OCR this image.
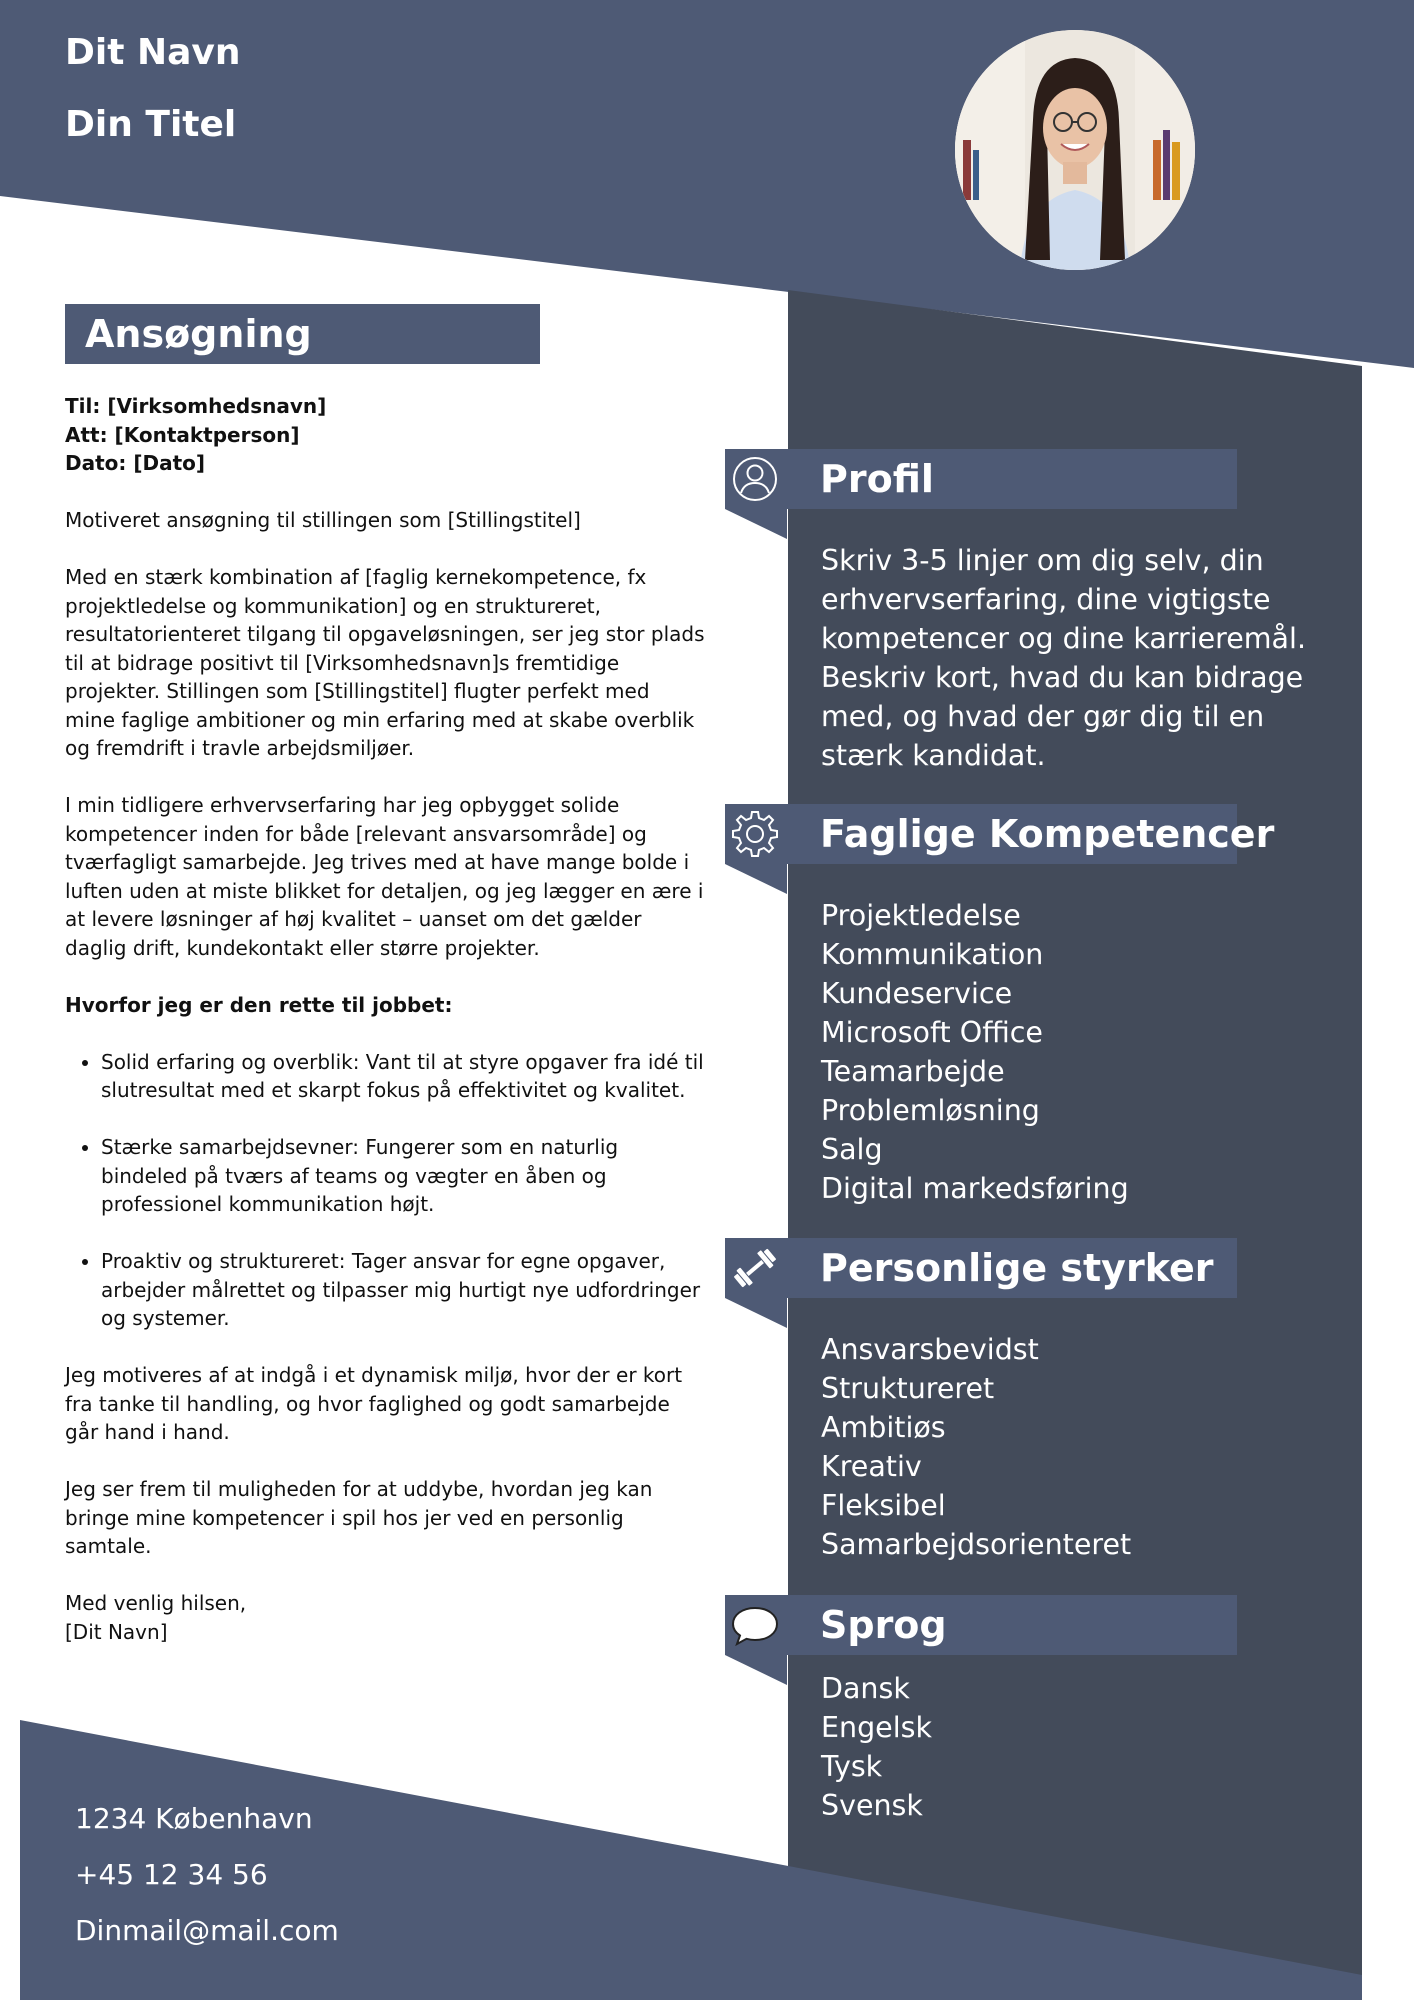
Dit Navn
Din Titel
Ansøgning

Til: [Virksomhedsnavn]
Att: [Kontaktperson]
Dato: [Dato]

Motiveret ansøgning til stillingen som [Stillingstitel]

Med en stærk kombination af [faglig kernekompetence, fx projektledelse og kommunikation] og en struktureret, resultatorienteret tilgang til opgaveløsningen, ser jeg stor plads til at bidrage positivt til [Virksomhedsnavn]s fremtidige projekter. Stillingen som [Stillingstitel] flugter perfekt med mine faglige ambitioner og min erfaring med at skabe overblik og fremdrift i travle arbejdsmiljøer.

I min tidligere erhvervserfaring har jeg opbygget solide kompetencer inden for både [relevant ansvarsområde] og tværfagligt samarbejde. Jeg trives med at have mange bolde i luften uden at miste blikket for detaljen, og jeg lægger en ære i at levere løsninger af høj kvalitet – uanset om det gælder daglig drift, kundekontakt eller større projekter.

Hvorfor jeg er den rette til jobbet:

• Solid erfaring og overblik: Vant til at styre opgaver fra idé til slutresultat med et skarpt fokus på effektivitet og kvalitet.
• Stærke samarbejdsevner: Fungerer som en naturlig bindeled på tværs af teams og vægter en åben og professionel kommunikation højt.
• Proaktiv og struktureret: Tager ansvar for egne opgaver, arbejder målrettet og tilpasser mig hurtigt nye udfordringer og systemer.

Jeg motiveres af at indgå i et dynamisk miljø, hvor der er kort fra tanke til handling, og hvor faglighed og godt samarbejde går hand i hand.

Jeg ser frem til muligheden for at uddybe, hvordan jeg kan bringe mine kompetencer i spil hos jer ved en personlig samtale.

Med venlig hilsen,
[Dit Navn]

Profil
Skriv 3-5 linjer om dig selv, din erhvervserfaring, dine vigtigste kompetencer og dine karrieremål. Beskriv kort, hvad du kan bidrage med, og hvad der gør dig til en stærk kandidat.
Faglige Kompetencer
Projektledelse
Kommunikation
Kundeservice
Microsoft Office
Teamarbejde
Problemløsning
Salg
Digital markedsføring
Personlige styrker
Ansvarsbevidst
Struktureret
Ambitiøs
Kreativ
Fleksibel
Samarbejdsorienteret
Sprog
Dansk
Engelsk
Tysk
Svensk
1234 København
+45 12 34 56
Dinmail@mail.com
